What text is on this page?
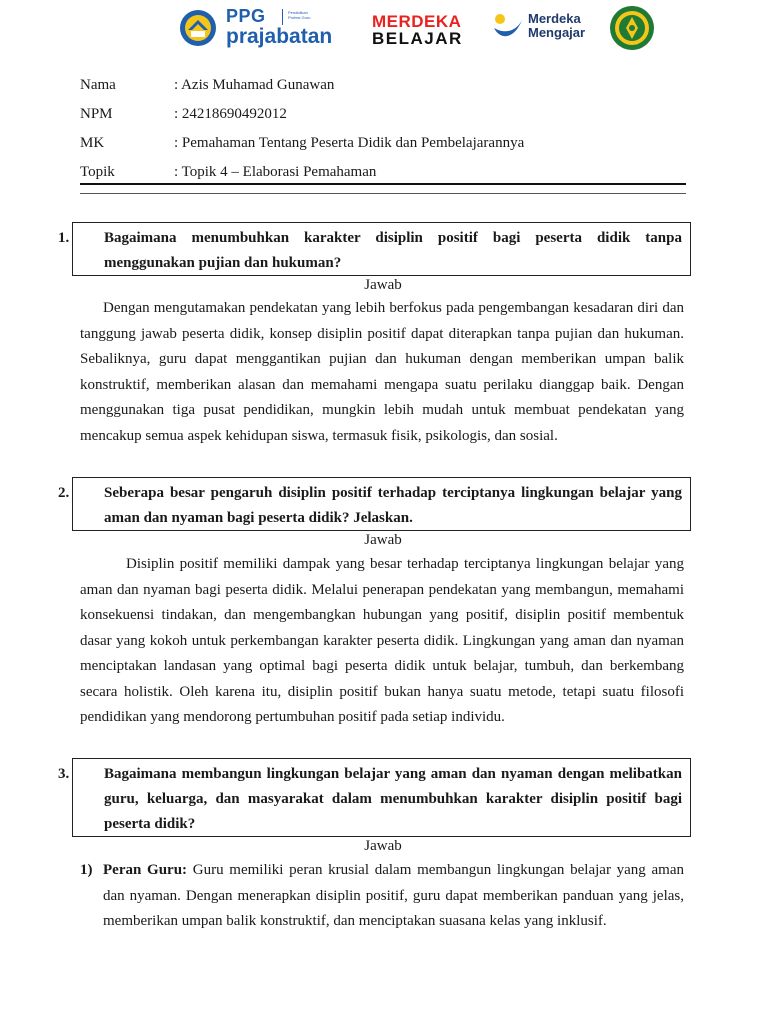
PPG	Pendidikan Profesi Guru
prajabatan
MERDEKA
BELAJAR
Merdeka
Mengajar
Nama	: Azis Muhamad Gunawan
NPM	: 24218690492012
MK	: Pemahaman Tentang Peserta Didik dan Pembelajarannya
Topik	: Topik 4 – Elaborasi Pemahaman
1. Bagaimana menumbuhkan karakter disiplin positif bagi peserta didik tanpa menggunakan pujian dan hukuman?
Jawab
Dengan mengutamakan pendekatan yang lebih berfokus pada pengembangan kesadaran diri dan tanggung jawab peserta didik, konsep disiplin positif dapat diterapkan tanpa pujian dan hukuman. Sebaliknya, guru dapat menggantikan pujian dan hukuman dengan memberikan umpan balik konstruktif, memberikan alasan dan memahami mengapa suatu perilaku dianggap baik. Dengan menggunakan tiga pusat pendidikan, mungkin lebih mudah untuk membuat pendekatan yang mencakup semua aspek kehidupan siswa, termasuk fisik, psikologis, dan sosial.
2. Seberapa besar pengaruh disiplin positif terhadap terciptanya lingkungan belajar yang aman dan nyaman bagi peserta didik? Jelaskan.
Jawab
Disiplin positif memiliki dampak yang besar terhadap terciptanya lingkungan belajar yang aman dan nyaman bagi peserta didik. Melalui penerapan pendekatan yang membangun, memahami konsekuensi tindakan, dan mengembangkan hubungan yang positif, disiplin positif membentuk dasar yang kokoh untuk perkembangan karakter peserta didik. Lingkungan yang aman dan nyaman menciptakan landasan yang optimal bagi peserta didik untuk belajar, tumbuh, dan berkembang secara holistik. Oleh karena itu, disiplin positif bukan hanya suatu metode, tetapi suatu filosofi pendidikan yang mendorong pertumbuhan positif pada setiap individu.
3. Bagaimana membangun lingkungan belajar yang aman dan nyaman dengan melibatkan guru, keluarga, dan masyarakat dalam menumbuhkan karakter disiplin positif bagi peserta didik?
Jawab
1) Peran Guru: Guru memiliki peran krusial dalam membangun lingkungan belajar yang aman dan nyaman. Dengan menerapkan disiplin positif, guru dapat memberikan panduan yang jelas, memberikan umpan balik konstruktif, dan menciptakan suasana kelas yang inklusif.
